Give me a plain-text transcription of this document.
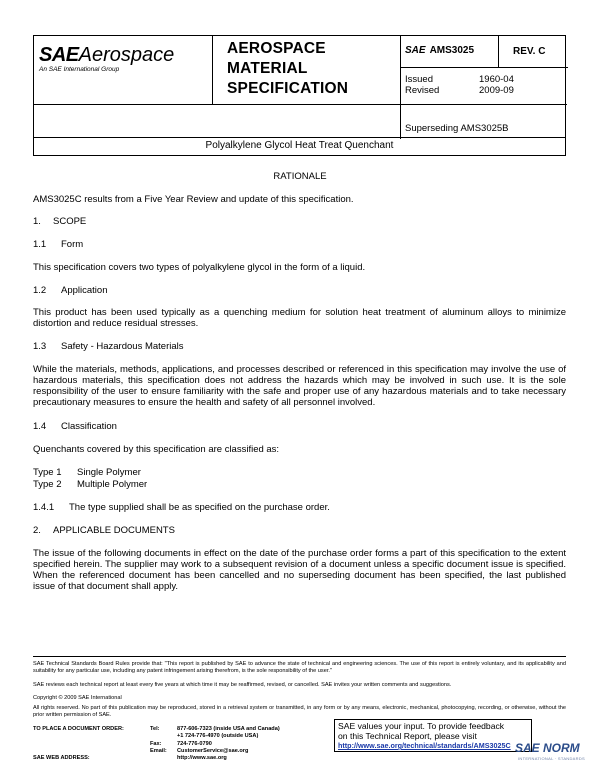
SAEAerospace
An SAE International Group
AEROSPACE
MATERIAL
SPECIFICATION
SAE AMS3025	REV. C
Issued	1960-04
Revised	2009-09
Superseding AMS3025B
Polyalkylene Glycol Heat Treat Quenchant
RATIONALE
AMS3025C results from a Five Year Review and update of this specification.
1. SCOPE
1.1 Form
This specification covers two types of polyalkylene glycol in the form of a liquid.
1.2 Application
This product has been used typically as a quenching medium for solution heat treatment of aluminum alloys to minimize distortion and reduce residual stresses.
1.3 Safety - Hazardous Materials
While the materials, methods, applications, and processes described or referenced in this specification may involve the use of hazardous materials, this specification does not address the hazards which may be involved in such use. It is the sole responsibility of the user to ensure familiarity with the safe and proper use of any hazardous materials and to take necessary precautionary measures to ensure the health and safety of all personnel involved.
1.4 Classification
Quenchants covered by this specification are classified as:
Type 1 Single Polymer
Type 2 Multiple Polymer
1.4.1 The type supplied shall be as specified on the purchase order.
2. APPLICABLE DOCUMENTS
The issue of the following documents in effect on the date of the purchase order forms a part of this specification to the extent specified herein. The supplier may work to a subsequent revision of a document unless a specific document issue is specified. When the referenced document has been cancelled and no superseding document has been specified, the last published issue of that document shall apply.
SAE Technical Standards Board Rules provide that: "This report is published by SAE to advance the state of technical and engineering sciences. The use of this report is entirely voluntary, and its applicability and suitability for any particular use, including any patent infringement arising therefrom, is the sole responsibility of the user."
SAE reviews each technical report at least every five years at which time it may be reaffirmed, revised, or cancelled. SAE invites your written comments and suggestions.
Copyright © 2009 SAE International
All rights reserved. No part of this publication may be reproduced, stored in a retrieval system or transmitted, in any form or by any means, electronic, mechanical, photocopying, recording, or otherwise, without the prior written permission of SAE.
TO PLACE A DOCUMENT ORDER:	Tel:	877-606-7323 (inside USA and Canada)
+1 724-776-4970 (outside USA)
Fax:	724-776-0790
Email: CustomerService@sae.org
SAE WEB ADDRESS:	http://www.sae.org
SAE values your input. To provide feedback
on this Technical Report, please visit
http://www.sae.org/technical/standards/AMS3025C SAE NORM
INTERNATIONAL · STANDARDS
